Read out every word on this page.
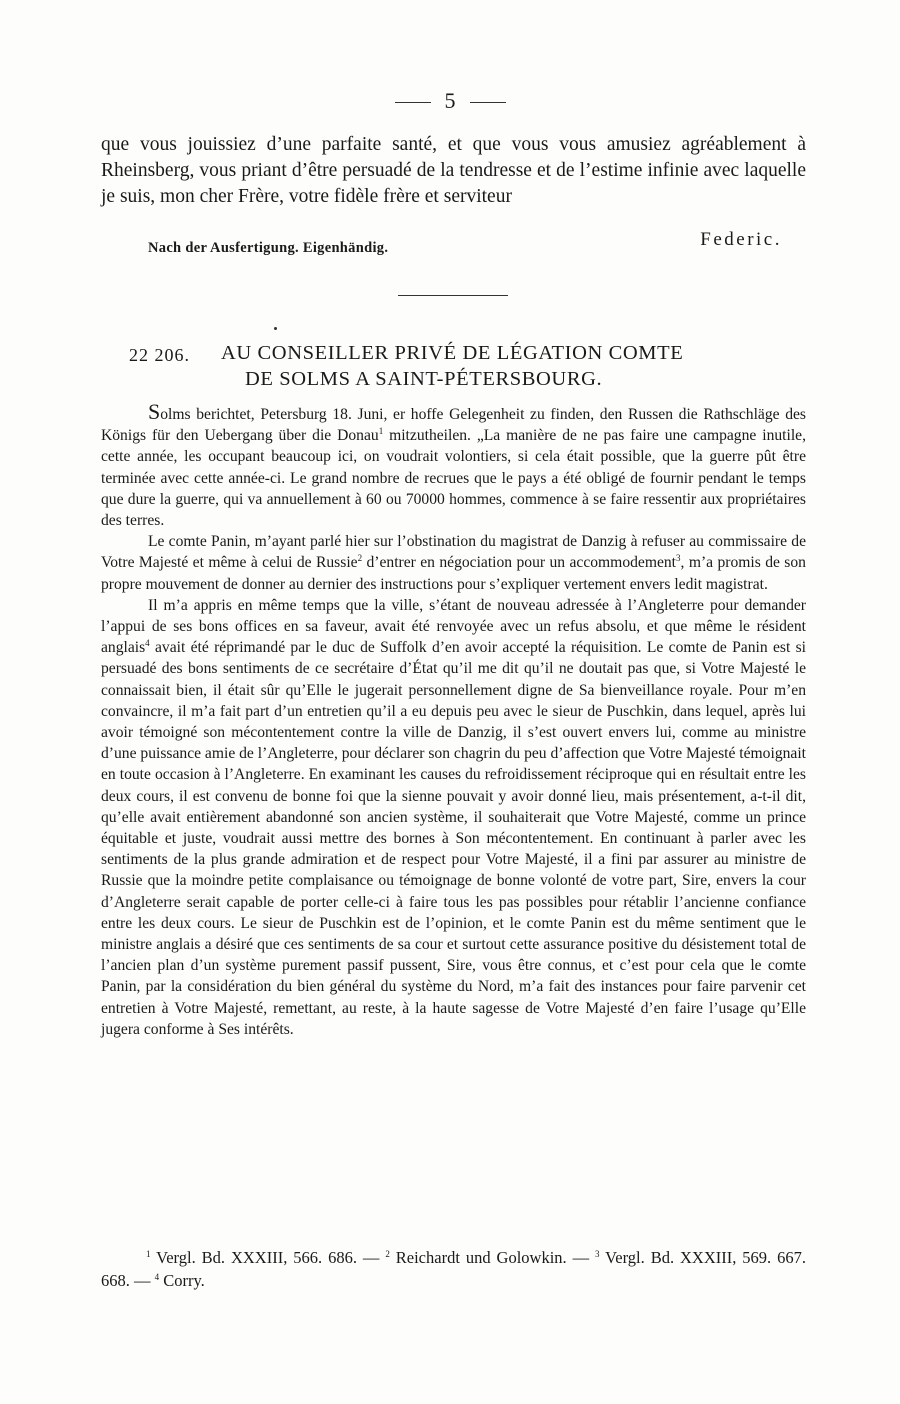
5
que vous jouissiez d’une parfaite santé, et que vous vous amusiez agréablement à Rheinsberg, vous priant d’être persuadé de la tendresse et de l’estime infinie avec laquelle je suis, mon cher Frère, votre fidèle frère et serviteur
Nach der Ausfertigung. Eigenhändig.	Federic.
22 206. AU CONSEILLER PRIVÉ DE LÉGATION COMTE
DE SOLMS A SAINT-PÉTERSBOURG.

Solms berichtet, Petersburg 18. Juni, er hoffe Gelegenheit zu finden, den Russen die Rathschläge des Königs für den Uebergang über die Donau$^1$ mitzutheilen. „La manière de ne pas faire une campagne inutile, cette année, les occupant beaucoup ici, on voudrait volontiers, si cela était possible, que la guerre pût être terminée avec cette année-ci. Le grand nombre de recrues que le pays a été obligé de fournir pendant le temps que dure la guerre, qui va annuellement à 60 ou 70000 hommes, commence à se faire ressentir aux propriétaires des terres.

Le comte Panin, m’ayant parlé hier sur l’obstination du magistrat de Danzig à refuser au commissaire de Votre Majesté et même à celui de Russie$^2$ d’entrer en négociation pour un accommodement$^3$, m’a promis de son propre mouvement de donner au dernier des instructions pour s’expliquer vertement envers ledit magistrat.

Il m’a appris en même temps que la ville, s’étant de nouveau adressée à l’Angleterre pour demander l’appui de ses bons offices en sa faveur, avait été renvoyée avec un refus absolu, et que même le résident anglais$^4$ avait été réprimandé par le duc de Suffolk d’en avoir accepté la réquisition. Le comte de Panin est si persuadé des bons sentiments de ce secrétaire d’État qu’il me dit qu’il ne doutait pas que, si Votre Majesté le connaissait bien, il était sûr qu’Elle le jugerait personnellement digne de Sa bienveillance royale. Pour m’en convaincre, il m’a fait part d’un entretien qu’il a eu depuis peu avec le sieur de Puschkin, dans lequel, après lui avoir témoigné son mécontentement contre la ville de Danzig, il s’est ouvert envers lui, comme au ministre d’une puissance amie de l’Angleterre, pour déclarer son chagrin du peu d’affection que Votre Majesté témoignait en toute occasion à l’Angleterre. En examinant les causes du refroidissement réciproque qui en résultait entre les deux cours, il est convenu de bonne foi que la sienne pouvait y avoir donné lieu, mais présentement, a-t-il dit, qu’elle avait entièrement abandonné son ancien système, il souhaiterait que Votre Majesté, comme un prince équitable et juste, voudrait aussi mettre des bornes à Son mécontentement. En continuant à parler avec les sentiments de la plus grande admiration et de respect pour Votre Majesté, il a fini par assurer au ministre de Russie que la moindre petite complaisance ou témoignage de bonne volonté de votre part, Sire, envers la cour d’Angleterre serait capable de porter celle-ci à faire tous les pas possibles pour rétablir l’ancienne confiance entre les deux cours. Le sieur de Puschkin est de l’opinion, et le comte Panin est du même sentiment que le ministre anglais a désiré que ces sentiments de sa cour et surtout cette assurance positive du désistement total de l’ancien plan d’un système purement passif pussent, Sire, vous être connus, et c’est pour cela que le comte Panin, par la considération du bien général du système du Nord, m’a fait des instances pour faire parvenir cet entretien à Votre Majesté, remettant, au reste, à la haute sagesse de Votre Majesté d’en faire l’usage qu’Elle jugera conforme à Ses intérêts.

$^1$ Vergl. Bd. XXXIII, 566. 686. — $^2$ Reichardt und Golowkin. — $^3$ Vergl. Bd. XXXIII, 569. 667. 668. — $^4$ Corry.
